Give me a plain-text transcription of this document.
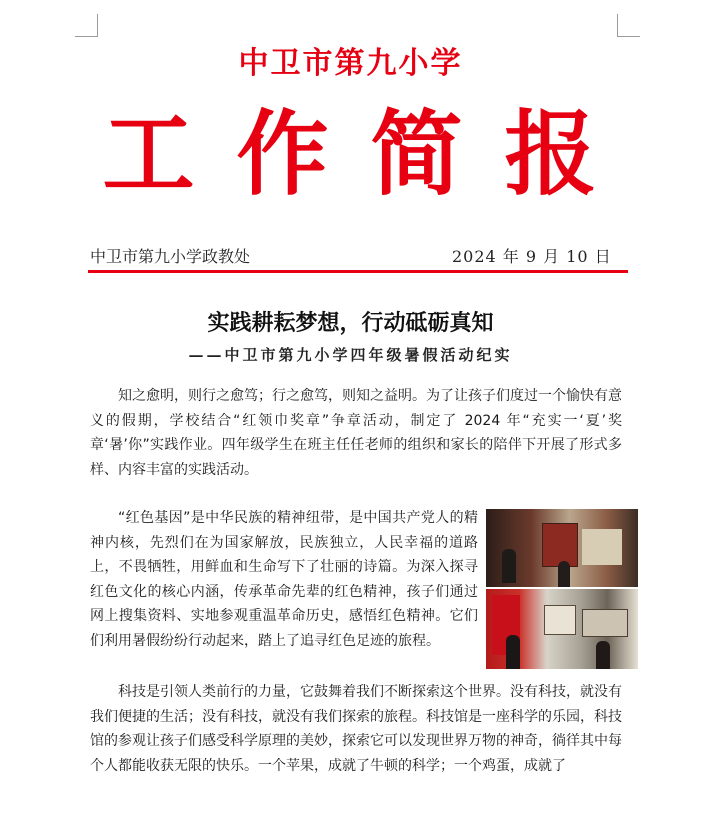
中卫市第九小学
工作简报
中卫市第九小学政教处	2024 年 9 月 10 日
实践耕耘梦想，行动砥砺真知
——中卫市第九小学四年级暑假活动纪实

知之愈明，则行之愈笃；行之愈笃，则知之益明。为了让孩子们度过一个愉快有意义的假期，学校结合“红领巾奖章”争章活动，制定了 2024 年“充实一‘夏’奖章‘暑’你”实践作业。四年级学生在班主任任老师的组织和家长的陪伴下开展了形式多样、内容丰富的实践活动。

“红色基因”是中华民族的精神纽带，是中国共产党人的精神内核，先烈们在为国家解放，民族独立，人民幸福的道路上，不畏牺牲，用鲜血和生命写下了壮丽的诗篇。为深入探寻红色文化的核心内涵，传承革命先辈的红色精神，孩子们通过网上搜集资料、实地参观重温革命历史，感悟红色精神。它们们利用暑假纷纷行动起来，踏上了追寻红色足迹的旅程。

科技是引领人类前行的力量，它鼓舞着我们不断探索这个世界。没有科技，就没有我们便捷的生活；没有科技，就没有我们探索的旅程。科技馆是一座科学的乐园，科技馆的参观让孩子们感受科学原理的美妙，探索它可以发现世界万物的神奇，徜徉其中每个人都能收获无限的快乐。一个苹果，成就了牛顿的科学；一个鸡蛋，成就了
